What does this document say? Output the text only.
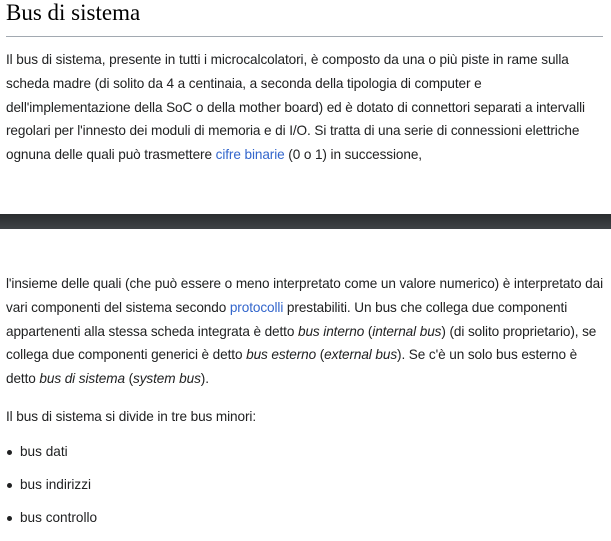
Bus di sistema

Il bus di sistema, presente in tutti i microcalcolatori, è composto da una o più piste in rame sulla scheda madre (di solito da 4 a centinaia, a seconda della tipologia di computer e dell'implementazione della SoC o della mother board) ed è dotato di connettori separati a intervalli regolari per l'innesto dei moduli di memoria e di I/O. Si tratta di una serie di connessioni elettriche ognuna delle quali può trasmettere cifre binarie (0 o 1) in successione,

l'insieme delle quali (che può essere o meno interpretato come un valore numerico) è interpretato dai vari componenti del sistema secondo protocolli prestabiliti. Un bus che collega due componenti appartenenti alla stessa scheda integrata è detto bus interno (internal bus) (di solito proprietario), se collega due componenti generici è detto bus esterno (external bus). Se c'è un solo bus esterno è detto bus di sistema (system bus).

Il bus di sistema si divide in tre bus minori:

bus dati
bus indirizzi
bus controllo
